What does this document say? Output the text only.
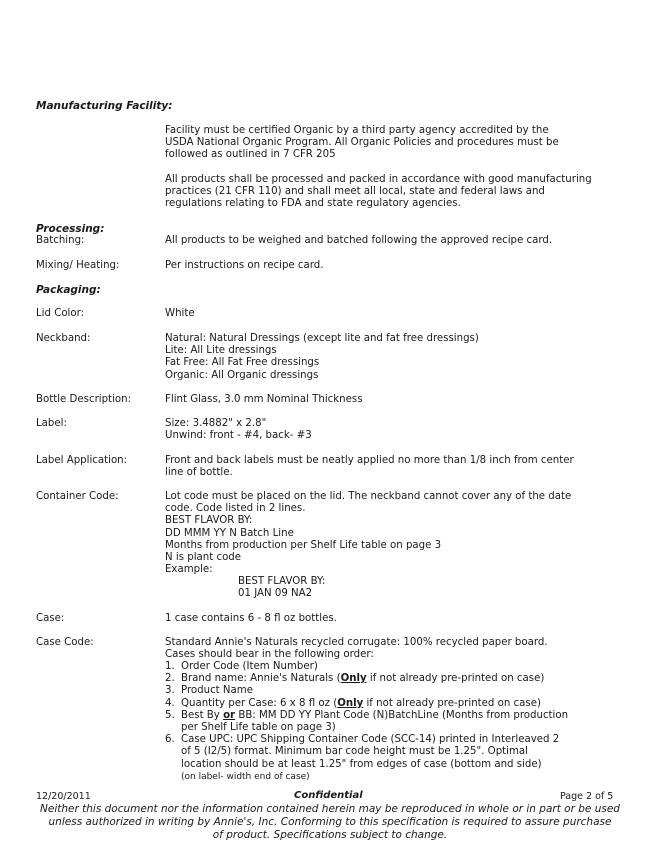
Manufacturing Facility:
Facility must be certified Organic by a third party agency accredited by the
USDA National Organic Program. All Organic Policies and procedures must be
followed as outlined in 7 CFR 205
All products shall be processed and packed in accordance with good manufacturing
practices (21 CFR 110) and shall meet all local, state and federal laws and
regulations relating to FDA and state regulatory agencies.
Processing:
Batching:	All products to be weighed and batched following the approved recipe card.
Mixing/ Heating:	Per instructions on recipe card.
Packaging:
Lid Color:	White
Neckband:	Natural: Natural Dressings (except lite and fat free dressings)
Lite: All Lite dressings
Fat Free: All Fat Free dressings
Organic: All Organic dressings
Bottle Description:	Flint Glass, 3.0 mm Nominal Thickness
Label:	Size: 3.4882" x 2.8"
Unwind: front - #4, back- #3
Label Application:	Front and back labels must be neatly applied no more than 1/8 inch from center
line of bottle.
Container Code:	Lot code must be placed on the lid. The neckband cannot cover any of the date
code. Code listed in 2 lines.
BEST FLAVOR BY:
DD MMM YY N Batch Line
Months from production per Shelf Life table on page 3
N is plant code
Example:
BEST FLAVOR BY:
01 JAN 09 NA2
Case:	1 case contains 6 - 8 fl oz bottles.
Case Code:	Standard Annie's Naturals recycled corrugate: 100% recycled paper board.
Cases should bear in the following order:
1. Order Code (Item Number)
2. Brand name: Annie's Naturals (Only if not already pre-printed on case)
3. Product Name
4. Quantity per Case: 6 x 8 fl oz (Only if not already pre-printed on case)
5. Best By or BB: MM DD YY Plant Code (N)BatchLine (Months from production
per Shelf Life table on page 3)
6. Case UPC: UPC Shipping Container Code (SCC-14) printed in Interleaved 2
of 5 (I2/5) format. Minimum bar code height must be 1.25". Optimal
location should be at least 1.25" from edges of case (bottom and side)
(on label- width end of case)
12/20/2011	Confidential	Page 2 of 5
Neither this document nor the information contained herein may be reproduced in whole or in part or be used
unless authorized in writing by Annie's, Inc. Conforming to this specification is required to assure purchase
of product. Specifications subject to change.
